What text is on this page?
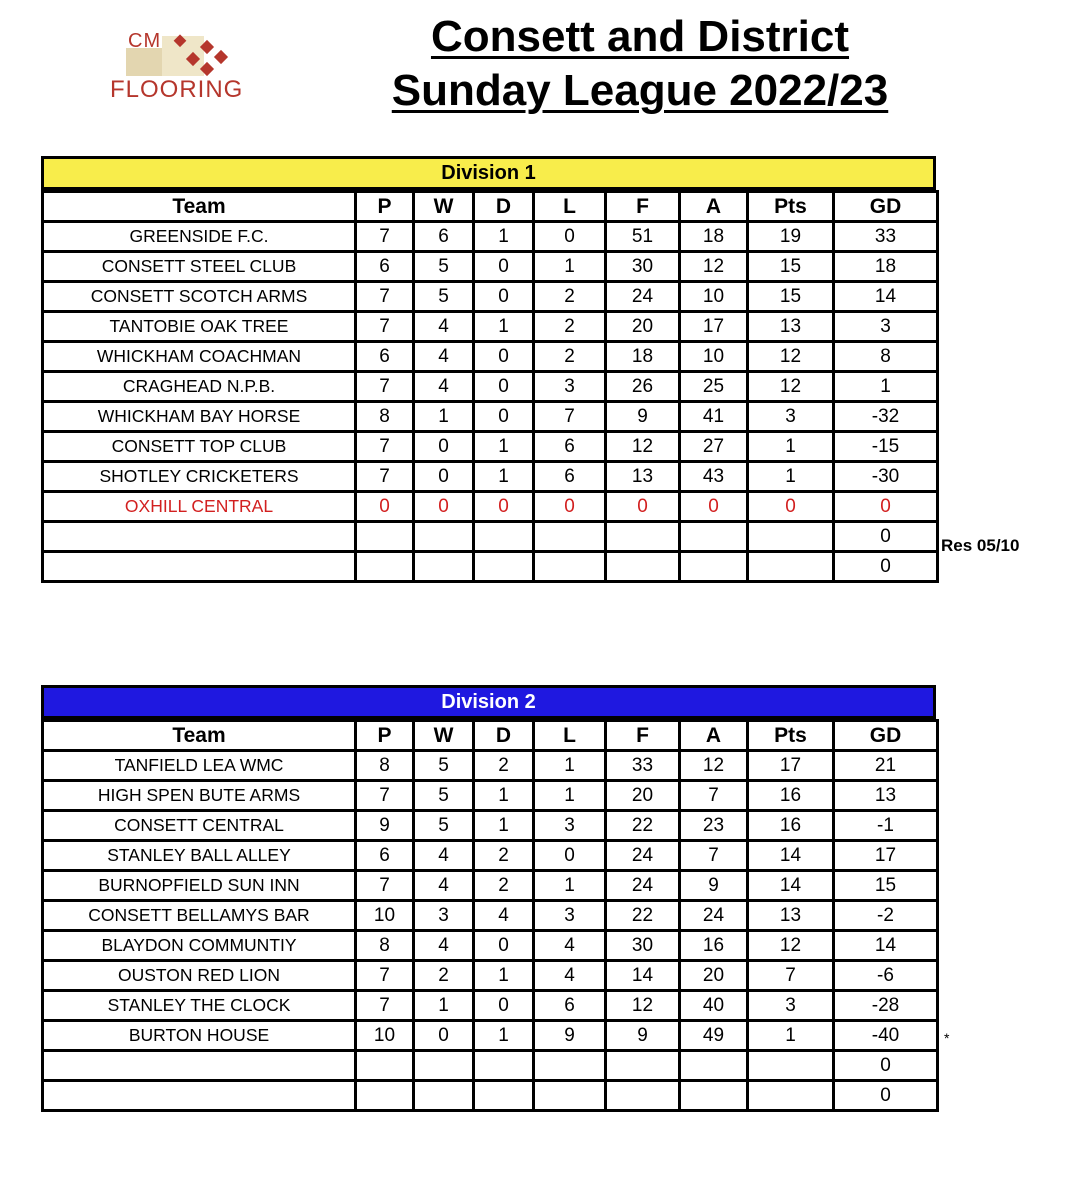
CM
FLOORING
Consett and District
Sunday League 2022/23
Division 1
Team	P	W	D	L	F	A	Pts	GD
GREENSIDE F.C.	7	6	1	0	51	18	19	33
CONSETT STEEL CLUB	6	5	0	1	30	12	15	18
CONSETT SCOTCH ARMS	7	5	0	2	24	10	15	14
TANTOBIE OAK TREE	7	4	1	2	20	17	13	3
WHICKHAM COACHMAN	6	4	0	2	18	10	12	8
CRAGHEAD N.P.B.	7	4	0	3	26	25	12	1
WHICKHAM BAY HORSE	8	1	0	7	9	41	3	-32
CONSETT TOP CLUB	7	0	1	6	12	27	1	-15
SHOTLEY CRICKETERS	7	0	1	6	13	43	1	-30
OXHILL CENTRAL	0	0	0	0	0	0	0	0
								0
								0
Res 05/10
Division 2
Team	P	W	D	L	F	A	Pts	GD
TANFIELD LEA WMC	8	5	2	1	33	12	17	21
HIGH SPEN BUTE ARMS	7	5	1	1	20	7	16	13
CONSETT CENTRAL	9	5	1	3	22	23	16	-1
STANLEY BALL ALLEY	6	4	2	0	24	7	14	17
BURNOPFIELD SUN INN	7	4	2	1	24	9	14	15
CONSETT BELLAMYS BAR	10	3	4	3	22	24	13	-2
BLAYDON COMMUNTIY	8	4	0	4	30	16	12	14
OUSTON RED LION	7	2	1	4	14	20	7	-6
STANLEY THE CLOCK	7	1	0	6	12	40	3	-28
BURTON HOUSE	10	0	1	9	9	49	1	-40
								0
								0
*
